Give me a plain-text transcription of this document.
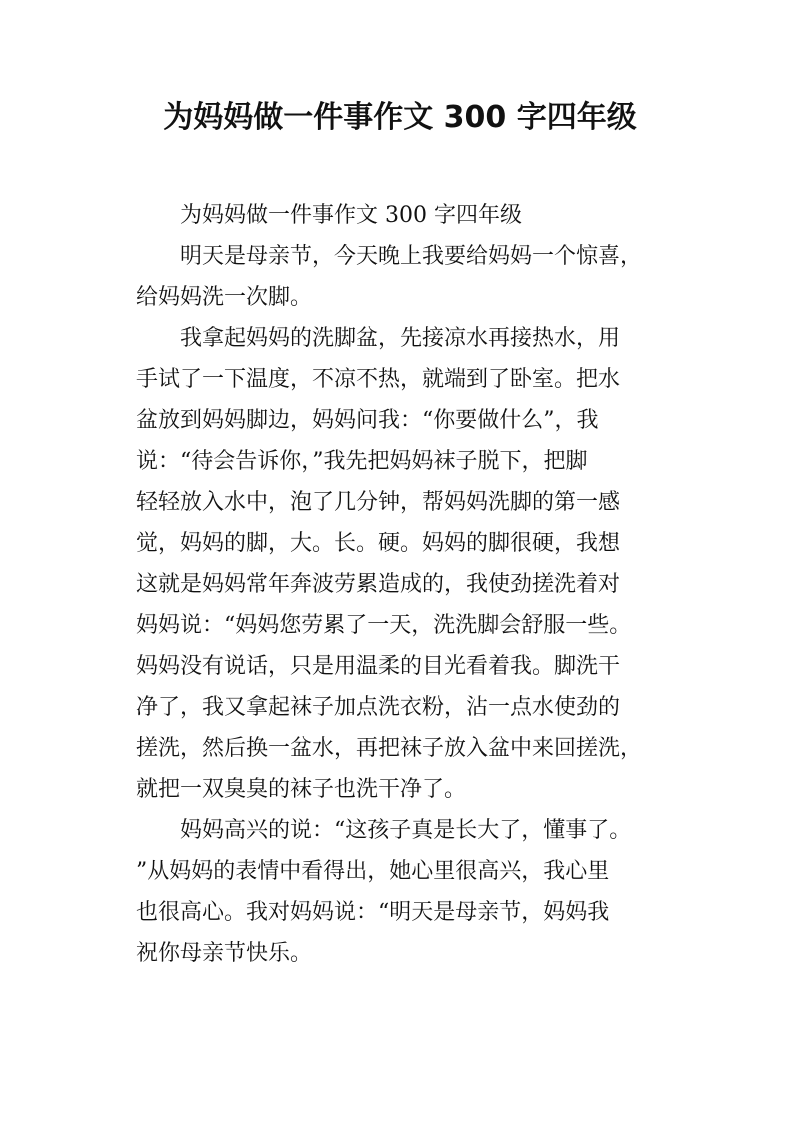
为妈妈做一件事作文 300 字四年级

为妈妈做一件事作文 300 字四年级

明天是母亲节，今天晚上我要给妈妈一个惊喜，
给妈妈洗一次脚。

我拿起妈妈的洗脚盆，先接凉水再接热水，用
手试了一下温度，不凉不热，就端到了卧室。把水
盆放到妈妈脚边，妈妈问我：“你要做什么”，我
说：“待会告诉你，”我先把妈妈袜子脱下，把脚
轻轻放入水中，泡了几分钟，帮妈妈洗脚的第一感
觉，妈妈的脚，大。长。硬。妈妈的脚很硬，我想
这就是妈妈常年奔波劳累造成的，我使劲搓洗着对
妈妈说：“妈妈您劳累了一天，洗洗脚会舒服一些。
妈妈没有说话，只是用温柔的目光看着我。脚洗干
净了，我又拿起袜子加点洗衣粉，沾一点水使劲的
搓洗，然后换一盆水，再把袜子放入盆中来回搓洗，
就把一双臭臭的袜子也洗干净了。

妈妈高兴的说：“这孩子真是长大了，懂事了。
”从妈妈的表情中看得出，她心里很高兴，我心里
也很高心。我对妈妈说：“明天是母亲节，妈妈我
祝你母亲节快乐。
